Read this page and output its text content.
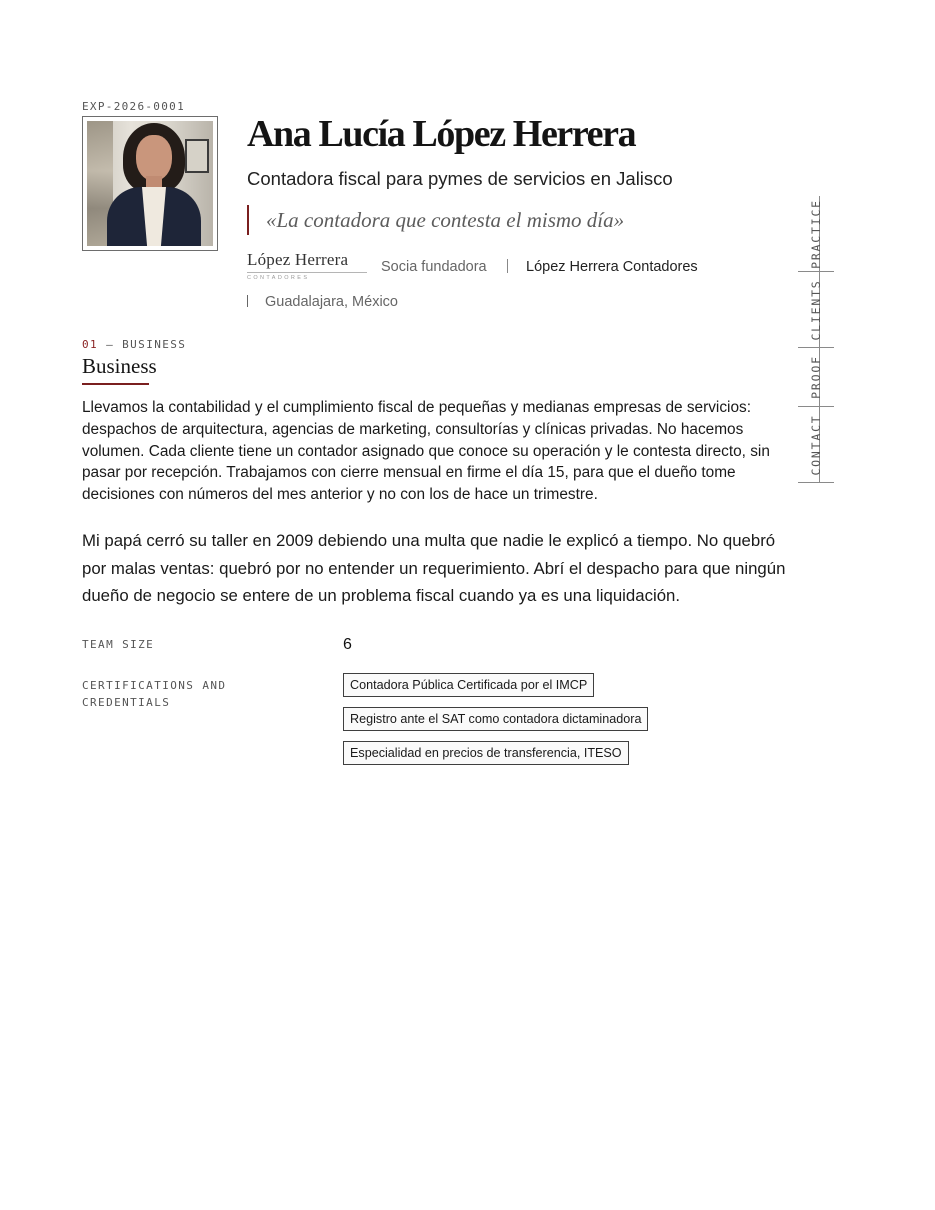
EXP-2026-0001
Ana Lucía López Herrera
Contadora fiscal para pymes de servicios en Jalisco
«La contadora que contesta el mismo día»
López Herrera
CONTADORES
Socia fundadora	López Herrera Contadores
Guadalajara, México
PRACTICE
CLIENTS
PROOF
CONTACT
01 — BUSINESS
Business

Llevamos la contabilidad y el cumplimiento fiscal de pequeñas y medianas empresas de servicios: despachos de arquitectura, agencias de marketing, consultorías y clínicas privadas. No hacemos volumen. Cada cliente tiene un contador asignado que conoce su operación y le contesta directo, sin pasar por recepción. Trabajamos con cierre mensual en firme el día 15, para que el dueño tome decisiones con números del mes anterior y no con los de hace un trimestre.

Mi papá cerró su taller en 2009 debiendo una multa que nadie le explicó a tiempo. No quebró por malas ventas: quebró por no entender un requerimiento. Abrí el despacho para que ningún dueño de negocio se entere de un problema fiscal cuando ya es una liquidación.

TEAM SIZE	6
CERTIFICATIONS AND CREDENTIALS
Contadora Pública Certificada por el IMCP
Registro ante el SAT como contadora dictaminadora
Especialidad en precios de transferencia, ITESO
